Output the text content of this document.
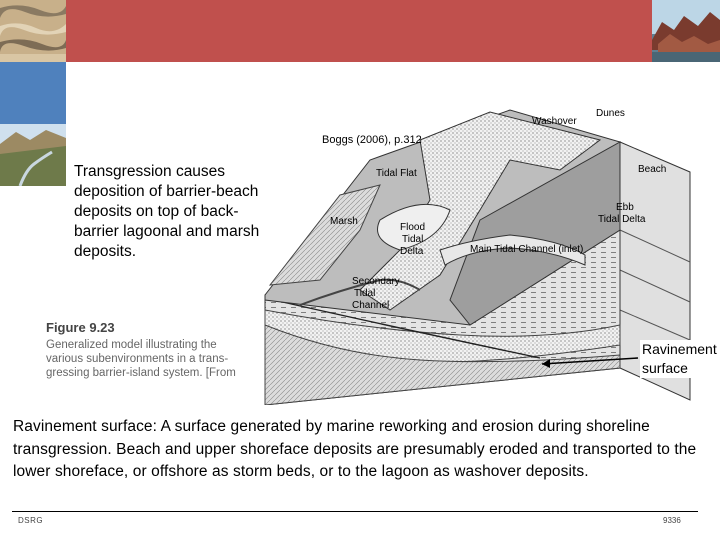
Washover
Dunes
Tidal Flat	Beach
Marsh
Flood
Tidal
Delta
Ebb
Tidal Delta
Main Tidal Channel (inlet)
Secondary
Tidal
Channel
Figure 9.23
Generalized model illustrating the
various subenvironments in a trans-
gressing barrier-island system. [From
Boggs (2006), p.312
Transgression causes deposition of barrier-beach deposits on top of back-barrier lagoonal and marsh deposits.
Ravinement
surface
Ravinement surface: A surface generated by marine reworking and erosion during shoreline transgression. Beach and upper shoreface deposits are presumably eroded and transported to the lower shoreface, or offshore as storm beds, or to the lagoon as washover deposits.
DSRG	9336
